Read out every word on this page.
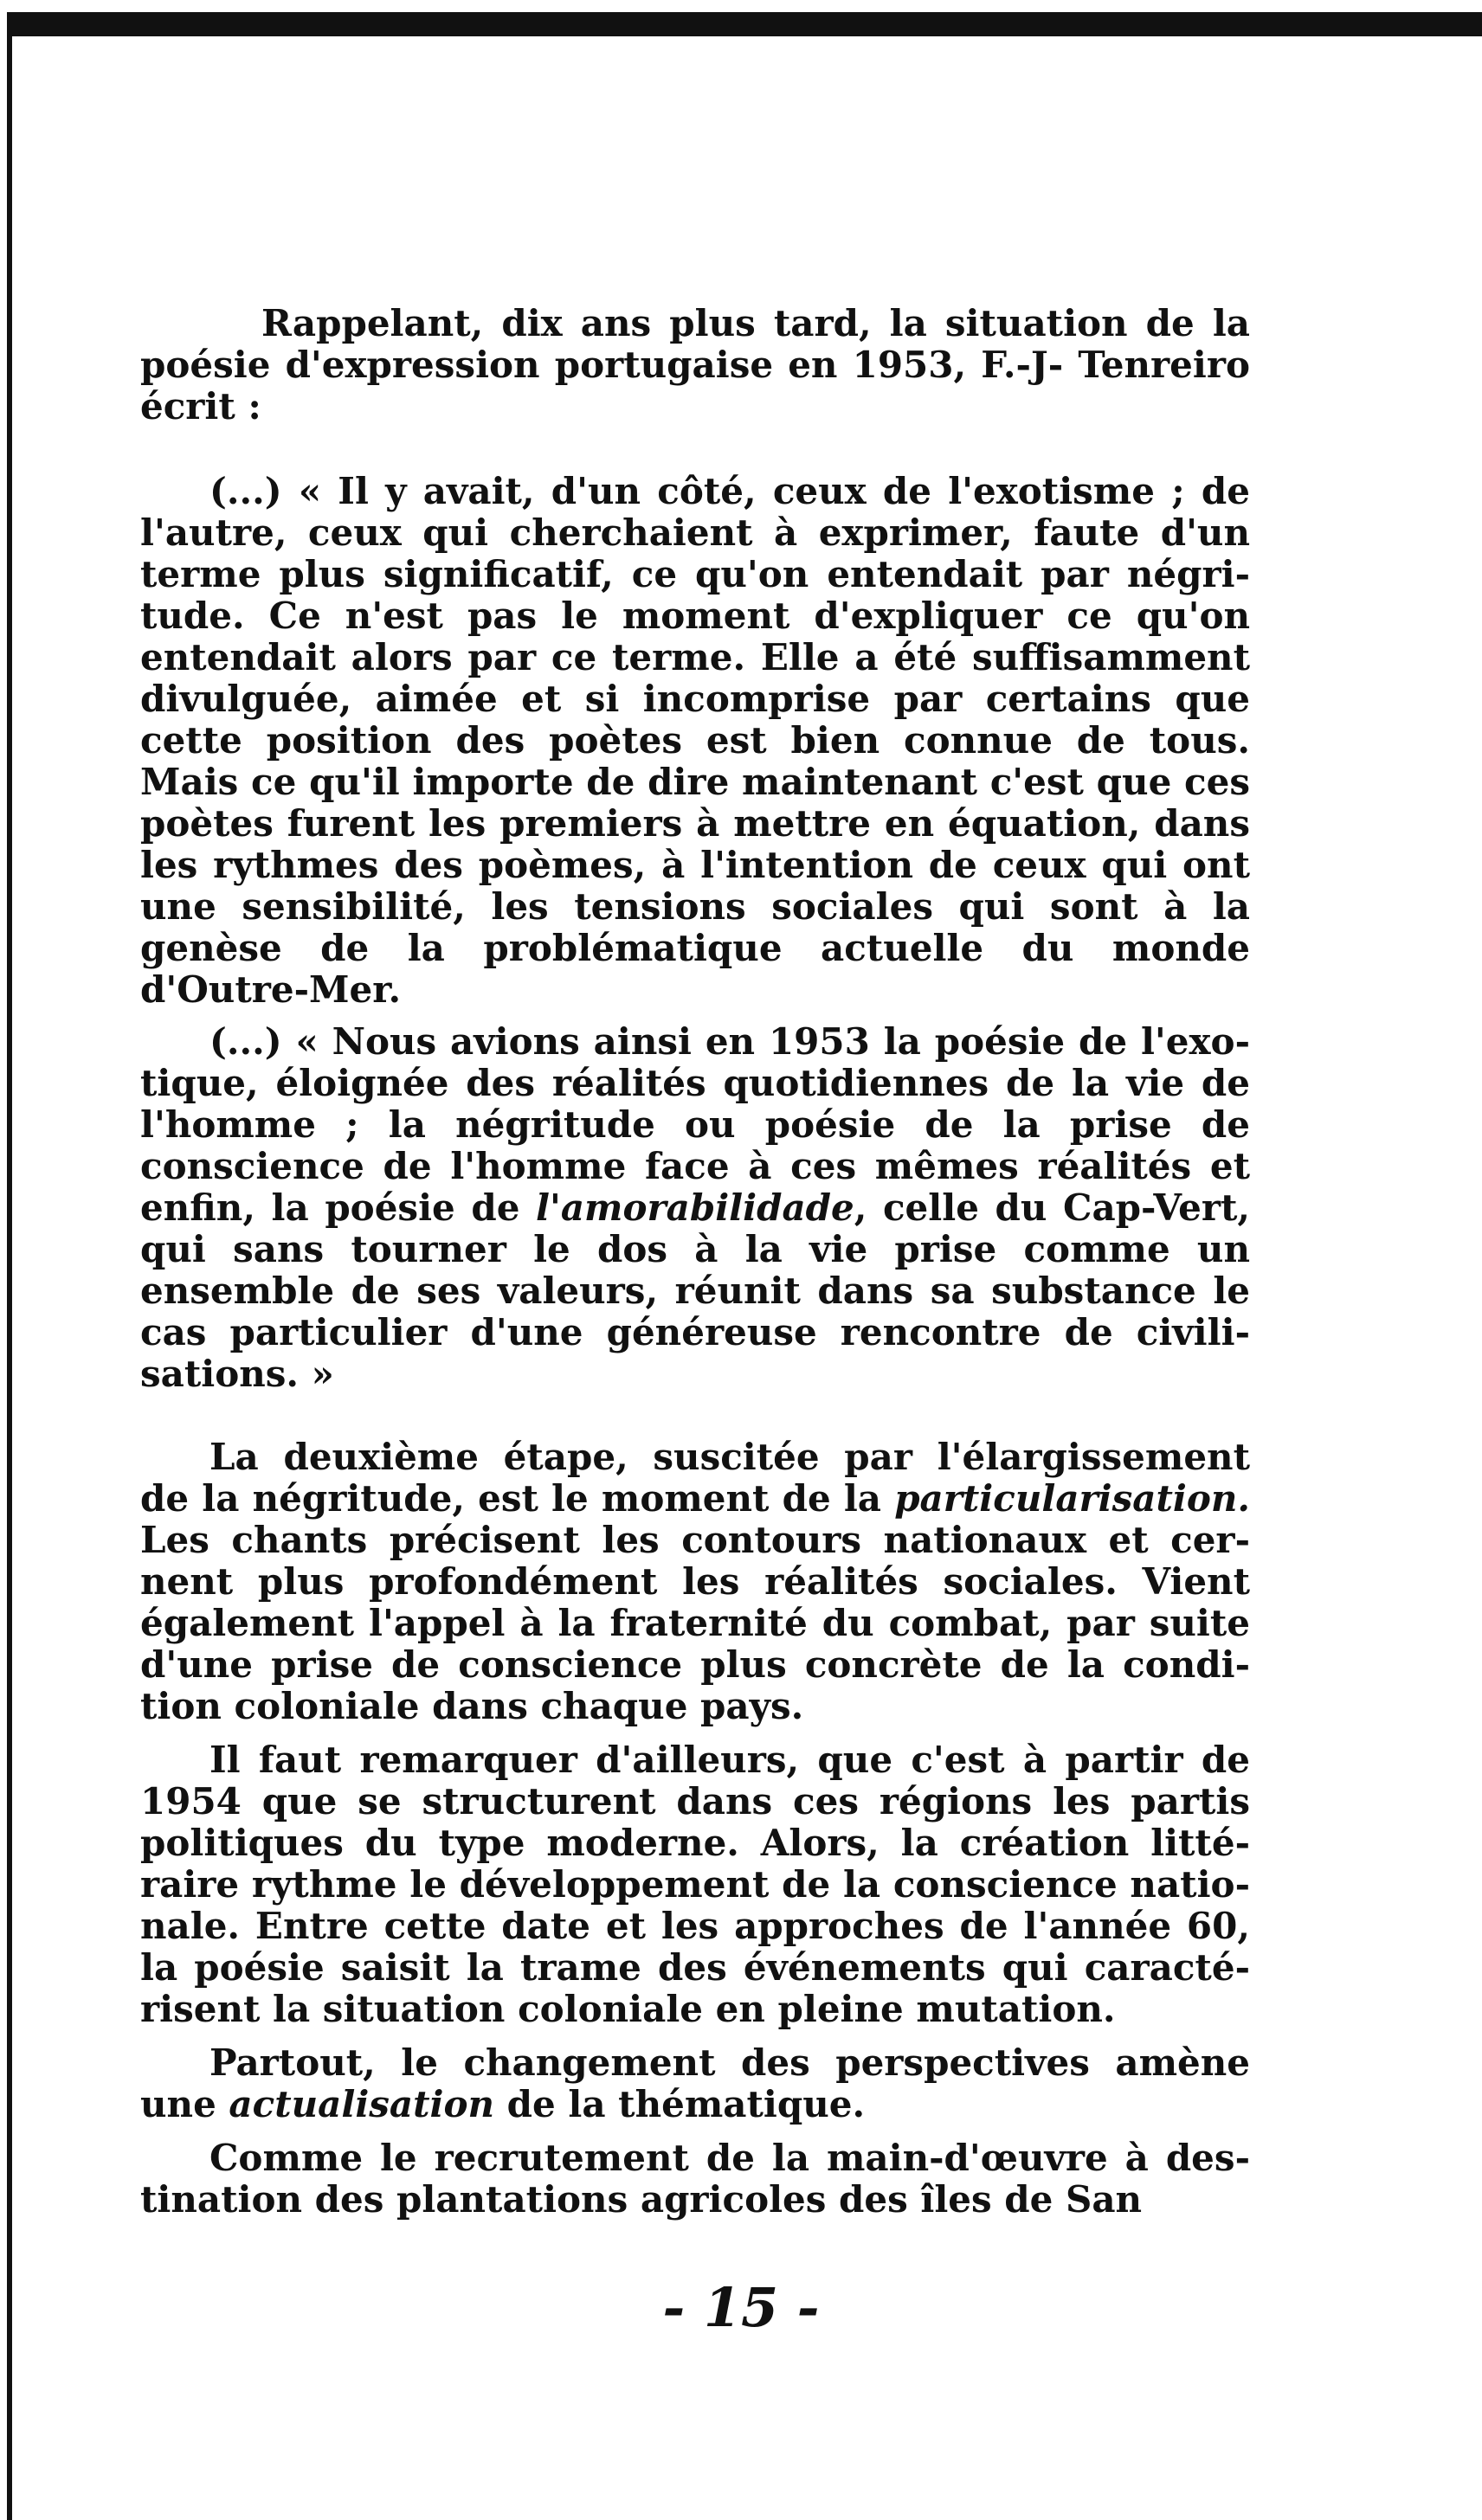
Rappelant, dix ans plus tard, la situation de la poésie d'expression portugaise en 1953, F.-J- Tenreiro écrit :

(...) « Il y avait, d'un côté, ceux de l'exotisme ; de l'autre, ceux qui cherchaient à exprimer, faute d'un terme plus significatif, ce qu'on entendait par négritude. Ce n'est pas le moment d'expliquer ce qu'on entendait alors par ce terme. Elle a été suffisamment divulguée, aimée et si incomprise par certains que cette position des poètes est bien connue de tous. Mais ce qu'il importe de dire maintenant c'est que ces poètes furent les premiers à mettre en équation, dans les rythmes des poèmes, à l'intention de ceux qui ont une sensibilité, les tensions sociales qui sont à la genèse de la problématique actuelle du monde d'Outre-Mer.

(...) « Nous avions ainsi en 1953 la poésie de l'exotique, éloignée des réalités quotidiennes de la vie de l'homme ; la négritude ou poésie de la prise de conscience de l'homme face à ces mêmes réalités et enfin, la poésie de l'amorabilidade, celle du Cap-Vert, qui sans tourner le dos à la vie prise comme un ensemble de ses valeurs, réunit dans sa substance le cas particulier d'une généreuse rencontre de civilisations. »

La deuxième étape, suscitée par l'élargissement de la négritude, est le moment de la particularisation. Les chants précisent les contours nationaux et cernent plus profondément les réalités sociales. Vient également l'appel à la fraternité du combat, par suite d'une prise de conscience plus concrète de la condition coloniale dans chaque pays.

Il faut remarquer d'ailleurs, que c'est à partir de 1954 que se structurent dans ces régions les partis politiques du type moderne. Alors, la création littéraire rythme le développement de la conscience nationale. Entre cette date et les approches de l'année 60, la poésie saisit la trame des événements qui caractérisent la situation coloniale en pleine mutation.

Partout, le changement des perspectives amène une actualisation de la thématique.

Comme le recrutement de la main-d'œuvre à destination des plantations agricoles des îles de San

- 15 -
